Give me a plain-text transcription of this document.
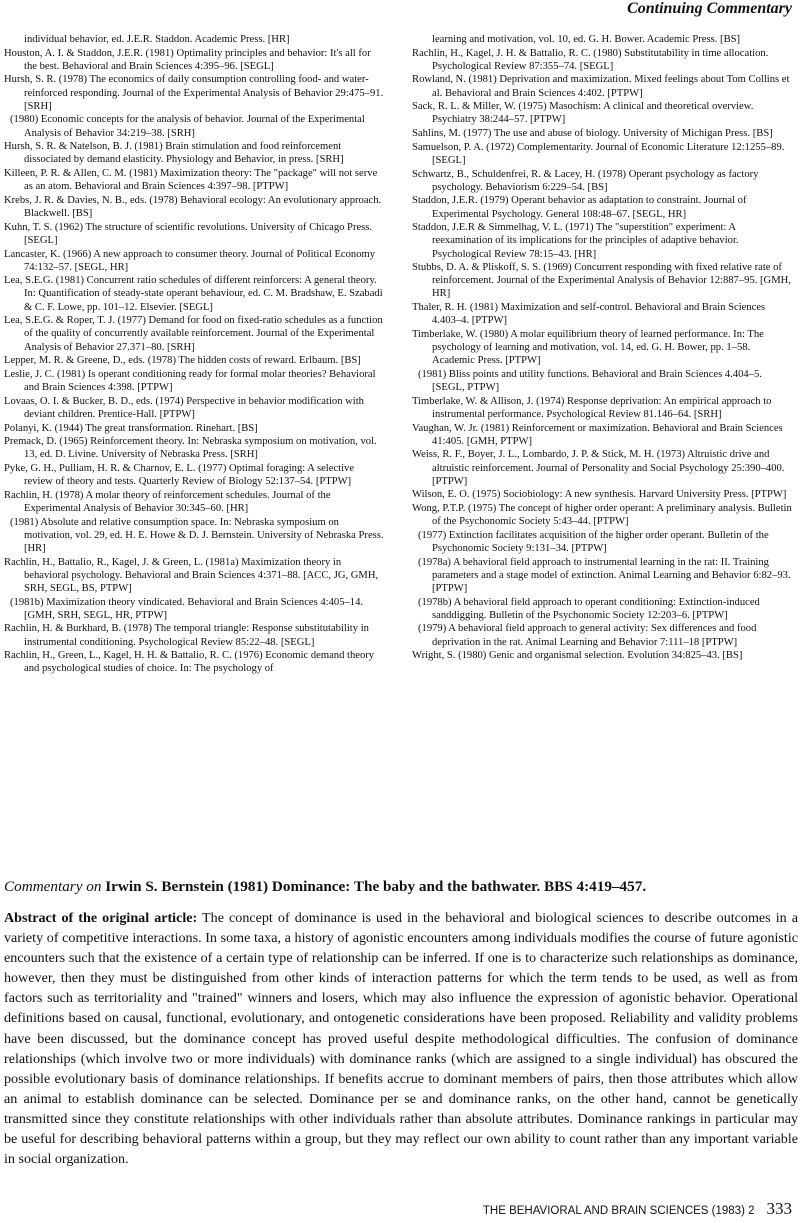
Continuing Commentary
individual behavior, ed. J.E.R. Staddon. Academic Press. [HR]
Houston, A. I. & Staddon, J.E.R. (1981) Optimality principles and behavior: It's all for the best. Behavioral and Brain Sciences 4:395–96. [SEGL]
Hursh, S. R. (1978) The economics of daily consumption controlling food- and water-reinforced responding. Journal of the Experimental Analysis of Behavior 29:475–91. [SRH]
(1980) Economic concepts for the analysis of behavior. Journal of the Experimental Analysis of Behavior 34:219–38. [SRH]
Hursh, S. R. & Natelson, B. J. (1981) Brain stimulation and food reinforcement dissociated by demand elasticity. Physiology and Behavior, in press. [SRH]
Killeen, P. R. & Allen, C. M. (1981) Maximization theory: The "package" will not serve as an atom. Behavioral and Brain Sciences 4:397–98. [PTPW]
Krebs, J. R. & Davies, N. B., eds. (1978) Behavioral ecology: An evolutionary approach. Blackwell. [BS]
Kuhn, T. S. (1962) The structure of scientific revolutions. University of Chicago Press. [SEGL]
Lancaster, K. (1966) A new approach to consumer theory. Journal of Political Economy 74:132–57. [SEGL, HR]
Lea, S.E.G. (1981) Concurrent ratio schedules of different reinforcers: A general theory. In: Quantification of steady-state operant behaviour, ed. C. M. Bradshaw, E. Szabadi & C. F. Lowe, pp. 101–12. Elsevier. [SEGL]
Lea, S.E.G. & Roper, T. J. (1977) Demand for food on fixed-ratio schedules as a function of the quality of concurrently available reinforcement. Journal of the Experimental Analysis of Behavior 27.371–80. [SRH]
Lepper, M. R. & Greene, D., eds. (1978) The hidden costs of reward. Erlbaum. [BS]
Leslie, J. C. (1981) Is operant conditioning ready for formal molar theories? Behavioral and Brain Sciences 4:398. [PTPW]
Lovaas, O. I. & Bucker, B. D., eds. (1974) Perspective in behavior modification with deviant children. Prentice-Hall. [PTPW]
Polanyi, K. (1944) The great transformation. Rinehart. [BS]
Premack, D. (1965) Reinforcement theory. In: Nebraska symposium on motivation, vol. 13, ed. D. Livine. University of Nebraska Press. [SRH]
Pyke, G. H., Pulliam, H. R. & Charnov, E. L. (1977) Optimal foraging: A selective review of theory and tests. Quarterly Review of Biology 52:137–54. [PTPW]
Rachlin, H. (1978) A molar theory of reinforcement schedules. Journal of the Experimental Analysis of Behavior 30:345–60. [HR]
(1981) Absolute and relative consumption space. In: Nebraska symposium on motivation, vol. 29, ed. H. E. Howe & D. J. Bernstein. University of Nebraska Press. [HR]
Rachlin, H., Battalio, R., Kagel, J. & Green, L. (1981a) Maximization theory in behavioral psychology. Behavioral and Brain Sciences 4:371–88. [ACC, JG, GMH, SRH, SEGL, BS, PTPW]
(1981b) Maximization theory vindicated. Behavioral and Brain Sciences 4:405–14. [GMH, SRH, SEGL, HR, PTPW]
Rachlin, H. & Burkhard, B. (1978) The temporal triangle: Response substitutability in instrumental conditioning. Psychological Review 85:22–48. [SEGL]
Rachlin, H., Green, L., Kagel, H. H. & Battalio, R. C. (1976) Economic demand theory and psychological studies of choice. In: The psychology of
learning and motivation, vol. 10, ed. G. H. Bower. Academic Press. [BS]
Rachlin, H., Kagel, J. H. & Battalio, R. C. (1980) Substitutability in time allocation. Psychological Review 87:355–74. [SEGL]
Rowland, N. (1981) Deprivation and maximization. Mixed feelings about Tom Collins et al. Behavioral and Brain Sciences 4:402. [PTPW]
Sack, R. L. & Miller, W. (1975) Masochism: A clinical and theoretical overview. Psychiatry 38:244–57. [PTPW]
Sahlins, M. (1977) The use and abuse of biology. University of Michigan Press. [BS]
Samuelson, P. A. (1972) Complementarity. Journal of Economic Literature 12:1255–89. [SEGL]
Schwartz, B., Schuldenfrei, R. & Lacey, H. (1978) Operant psychology as factory psychology. Behaviorism 6:229–54. [BS]
Staddon, J.E.R. (1979) Operant behavior as adaptation to constraint. Journal of Experimental Psychology. General 108:48–67. [SEGL, HR]
Staddon, J.E.R & Simmelhag, V. L. (1971) The "superstition" experiment: A reexamination of its implications for the principles of adaptive behavior. Psychological Review 78:15–43. [HR]
Stubbs, D. A. & Pliskoff, S. S. (1969) Concurrent responding with fixed relative rate of reinforcement. Journal of the Experimental Analysis of Behavior 12:887–95. [GMH, HR]
Thaler, R. H. (1981) Maximization and self-control. Behavioral and Brain Sciences 4.403–4. [PTPW]
Timberlake, W. (1980) A molar equilibrium theory of learned performance. In: The psychology of learning and motivation, vol. 14, ed. G. H. Bower, pp. 1–58. Academic Press. [PTPW]
(1981) Bliss points and utility functions. Behavioral and Brain Sciences 4.404–5. [SEGL, PTPW]
Timberlake, W. & Allison, J. (1974) Response deprivation: An empirical approach to instrumental performance. Psychological Review 81.146–64. [SRH]
Vaughan, W. Jr. (1981) Reinforcement or maximization. Behavioral and Brain Sciences 41:405. [GMH, PTPW]
Weiss, R. F., Boyer, J. L., Lombardo, J. P. & Stick, M. H. (1973) Altruistic drive and altruistic reinforcement. Journal of Personality and Social Psychology 25:390–400. [PTPW]
Wilson, E. O. (1975) Sociobiology: A new synthesis. Harvard University Press. [PTPW]
Wong, P.T.P. (1975) The concept of higher order operant: A preliminary analysis. Bulletin of the Psychonomic Society 5:43–44. [PTPW]
(1977) Extinction facilitates acquisition of the higher order operant. Bulletin of the Psychonomic Society 9:131–34. [PTPW]
(1978a) A behavioral field approach to instrumental learning in the rat: II. Training parameters and a stage model of extinction. Animal Learning and Behavior 6:82–93. [PTPW]
(1978b) A behavioral field approach to operant conditioning: Extinction-induced sanddigging. Bulletin of the Psychonomic Society 12:203–6. [PTPW]
(1979) A behavioral field approach to general activity: Sex differences and food deprivation in the rat. Animal Learning and Behavior 7:111–18 [PTPW]
Wright, S. (1980) Genic and organismal selection. Evolution 34:825–43. [BS]
Commentary on Irwin S. Bernstein (1981) Dominance: The baby and the bathwater. BBS 4:419–457.

Abstract of the original article: The concept of dominance is used in the behavioral and biological sciences to describe outcomes in a variety of competitive interactions. In some taxa, a history of agonistic encounters among individuals modifies the course of future agonistic encounters such that the existence of a certain type of relationship can be inferred. If one is to characterize such relationships as dominance, however, then they must be distinguished from other kinds of interaction patterns for which the term tends to be used, as well as from factors such as territoriality and "trained" winners and losers, which may also influence the expression of agonistic behavior. Operational definitions based on causal, functional, evolutionary, and ontogenetic considerations have been proposed. Reliability and validity problems have been discussed, but the dominance concept has proved useful despite methodological difficulties. The confusion of dominance relationships (which involve two or more individuals) with dominance ranks (which are assigned to a single individual) has obscured the possible evolutionary basis of dominance relationships. If benefits accrue to dominant members of pairs, then those attributes which allow an animal to establish dominance can be selected. Dominance per se and dominance ranks, on the other hand, cannot be genetically transmitted since they constitute relationships with other individuals rather than absolute attributes. Dominance rankings in particular may be useful for describing behavioral patterns within a group, but they may reflect our own ability to count rather than any important variable in social organization.

THE BEHAVIORAL AND BRAIN SCIENCES (1983) 2 333
